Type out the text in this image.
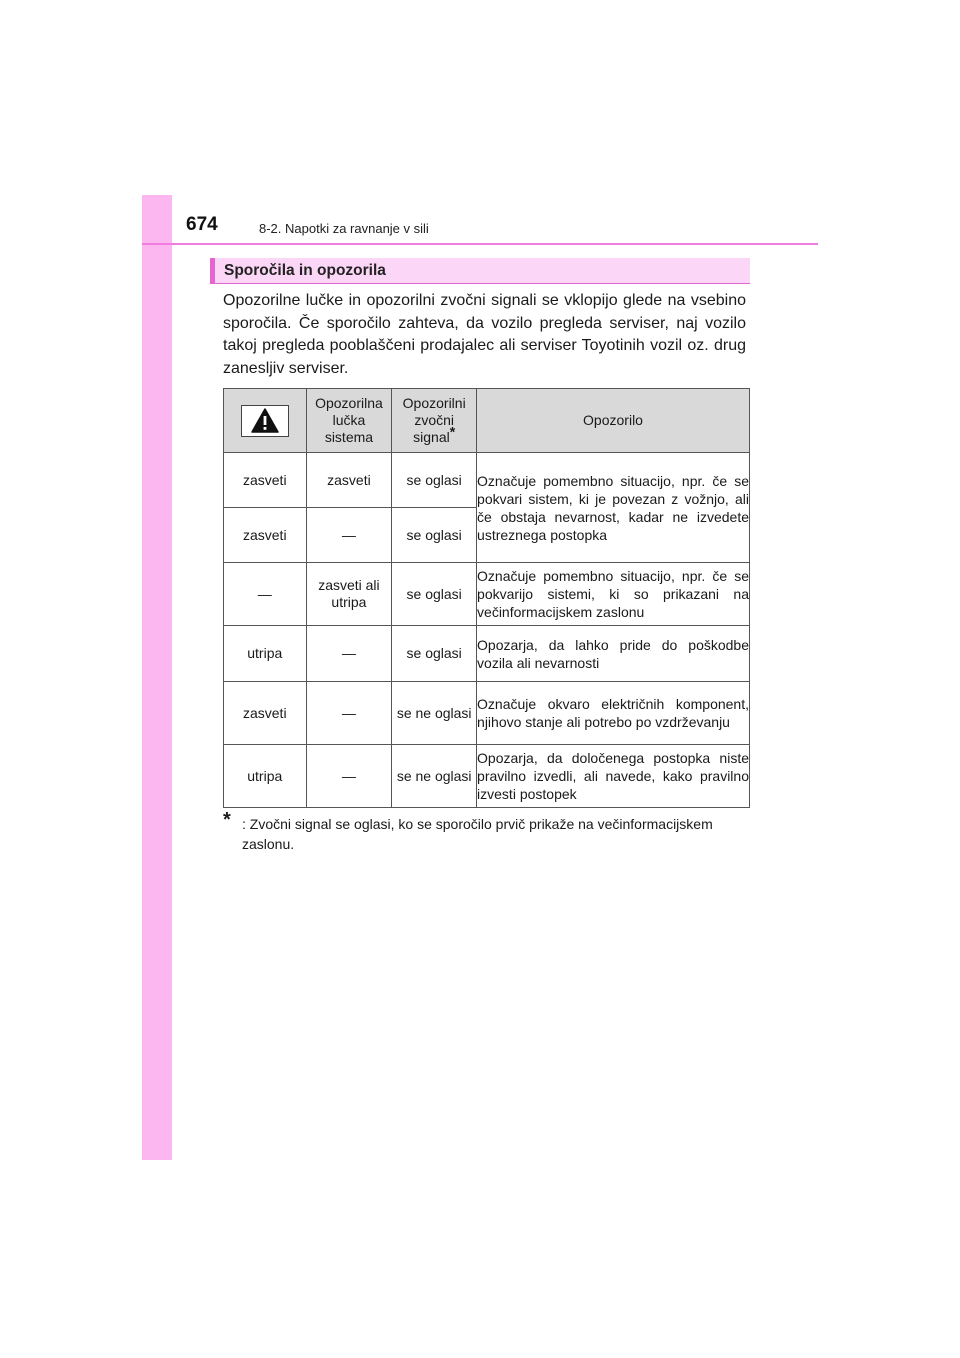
674	8-2. Napotki za ravnanje v sili
Sporočila in opozorila

Opozorilne lučke in opozorilni zvočni signali se vklopijo glede na vsebino sporočila. Če sporočilo zahteva, da vozilo pregleda serviser, naj vozilo takoj pregleda pooblaščeni prodajalec ali serviser Toyotinih vozil oz. drug zanesljiv serviser.

	Opozorilna lučka sistema	Opozorilni zvočni signal*	Opozorilo
zasveti	zasveti	se oglasi	Označuje pomembno situacijo, npr. če se pokvari sistem, ki je povezan z vožnjo, ali če obstaja nevarnost, kadar ne izvedete ustreznega postopka
zasveti	—	se oglasi	
—	zasveti ali utripa	se oglasi	Označuje pomembno situacijo, npr. če se pokvarijo sistemi, ki so prikazani na večinformacijskem zaslonu
utripa	—	se oglasi	Opozarja, da lahko pride do poškodbe vozila ali nevarnosti
zasveti	—	se ne oglasi	Označuje okvaro električnih komponent, njihovo stanje ali potrebo po vzdrževanju
utripa	—	se ne oglasi	Opozarja, da določenega postopka niste pravilno izvedli, ali navede, kako pravilno izvesti postopek
* : Zvočni signal se oglasi, ko se sporočilo prvič prikaže na večinformacijskem zaslonu.
